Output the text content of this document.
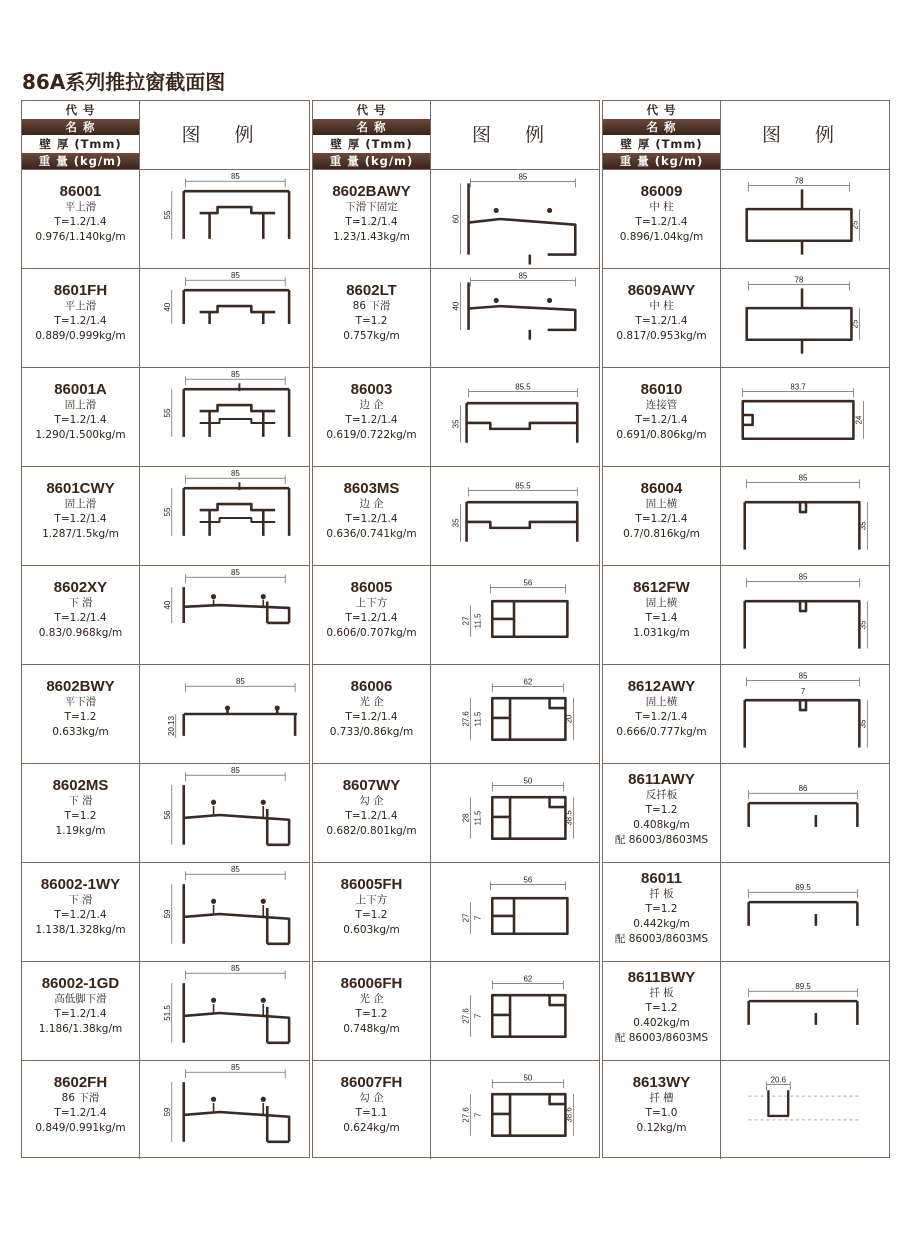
86A系列推拉窗截面图
代 号
名 称
壁 厚 (Tmm)
重 量 (kg/m)
图 例
86001
平上滑
T=1.2/1.4
0.976/1.140kg/m
85
55
8601FH
平上滑
T=1.2/1.4
0.889/0.999kg/m
85
40
86001A
固上滑
T=1.2/1.4
1.290/1.500kg/m
85
55
8601CWY
固上滑
T=1.2/1.4
1.287/1.5kg/m
85
55
8602XY
下 滑
T=1.2/1.4
0.83/0.968kg/m
85
40
8602BWY
平下滑
T=1.2
0.633kg/m
85
20.13
8602MS
下 滑
T=1.2
1.19kg/m
85
56
86002-1WY
下 滑
T=1.2/1.4
1.138/1.328kg/m
85
59
86002-1GD
高低脚下滑
T=1.2/1.4
1.186/1.38kg/m
85
51.5
8602FH
86 下滑
T=1.2/1.4
0.849/0.991kg/m
85
59
代 号
名 称
壁 厚 (Tmm)
重 量 (kg/m)
图 例
8602BAWY
下滑下固定
T=1.2/1.4
1.23/1.43kg/m
85
60
8602LT
86 下滑
T=1.2
0.757kg/m
85
40
86003
边 企
T=1.2/1.4
0.619/0.722kg/m
85.5
35
8603MS
边 企
T=1.2/1.4
0.636/0.741kg/m
85.5
35
86005
上下方
T=1.2/1.4
0.606/0.707kg/m
56
27 11.5
86006
光 企
T=1.2/1.4
0.733/0.86kg/m
62
27.6 11.5	20
8607WY
勾 企
T=1.2/1.4
0.682/0.801kg/m
50
28 11.5	38.5
86005FH
上下方
T=1.2
0.603kg/m
56
27 7
86006FH
光 企
T=1.2
0.748kg/m
62
27.6 7
86007FH
勾 企
T=1.1
0.624kg/m
50
27.6 7	38.6
代 号
名 称
壁 厚 (Tmm)
重 量 (kg/m)
图 例
86009
中 柱
T=1.2/1.4
0.896/1.04kg/m
78
25
8609AWY
中 柱
T=1.2/1.4
0.817/0.953kg/m
78
25
86010
连接管
T=1.2/1.4
0.691/0.806kg/m
83.7
24
86004
固上横
T=1.2/1.4
0.7/0.816kg/m
85
35
8612FW
固上横
T=1.4
1.031kg/m
85
35
8612AWY
固上横
T=1.2/1.4
0.666/0.777kg/m
85
35
7
8611AWY
反扦板
T=1.2
0.408kg/m
配 86003/8603MS
86
86011
扦 板
T=1.2
0.442kg/m
配 86003/8603MS
89.5
8611BWY
扦 板
T=1.2
0.402kg/m
配 86003/8603MS
89.5
8613WY
扦 槽
T=1.0
0.12kg/m
20.6
